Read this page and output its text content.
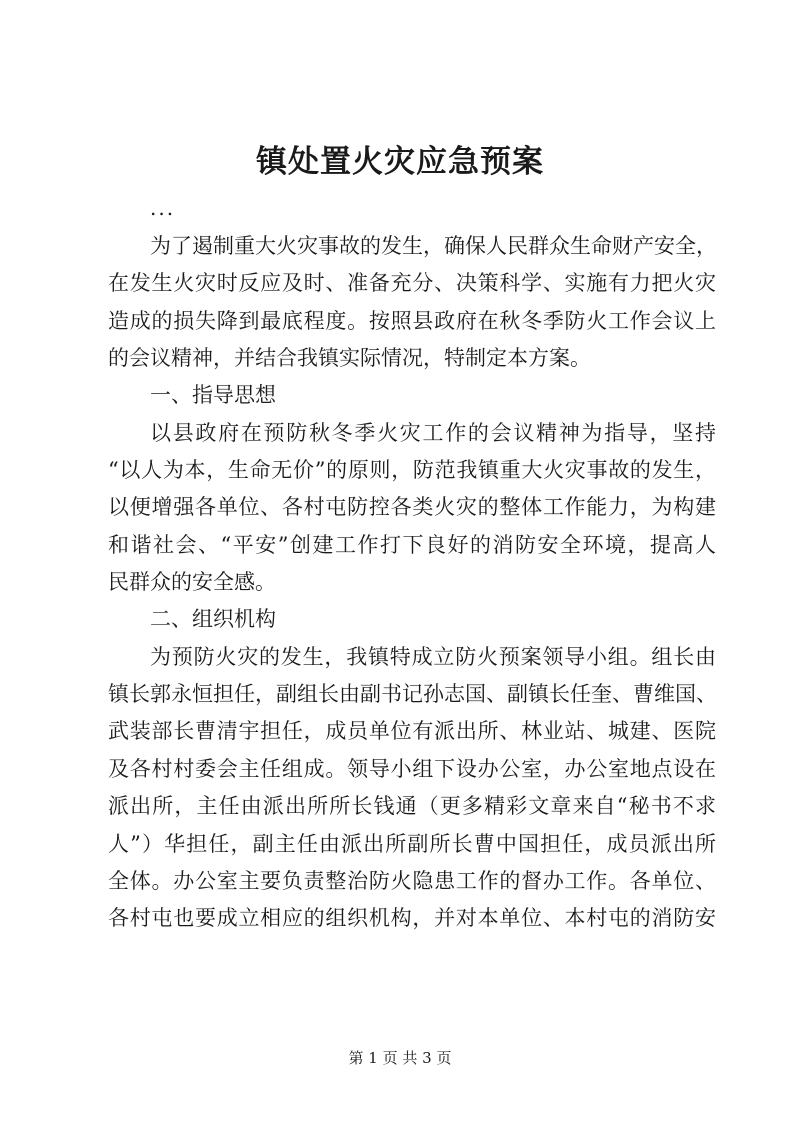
镇处置火灾应急预案
...
为了遏制重大火灾事故的发生，确保人民群众生命财产安全，
在发生火灾时反应及时、准备充分、决策科学、实施有力把火灾
造成的损失降到最底程度。按照县政府在秋冬季防火工作会议上
的会议精神，并结合我镇实际情况，特制定本方案。
一、指导思想
以县政府在预防秋冬季火灾工作的会议精神为指导，坚持
“以人为本，生命无价”的原则，防范我镇重大火灾事故的发生，
以便增强各单位、各村屯防控各类火灾的整体工作能力，为构建
和谐社会、“平安”创建工作打下良好的消防安全环境，提高人
民群众的安全感。
二、组织机构
为预防火灾的发生，我镇特成立防火预案领导小组。组长由
镇长郭永恒担任，副组长由副书记孙志国、副镇长任奎、曹维国、
武装部长曹清宇担任，成员单位有派出所、林业站、城建、医院
及各村村委会主任组成。领导小组下设办公室，办公室地点设在
派出所，主任由派出所所长钱通（更多精彩文章来自“秘书不求
人”）华担任，副主任由派出所副所长曹中国担任，成员派出所
全体。办公室主要负责整治防火隐患工作的督办工作。各单位、
各村屯也要成立相应的组织机构，并对本单位、本村屯的消防安
第 1 页 共 3 页
